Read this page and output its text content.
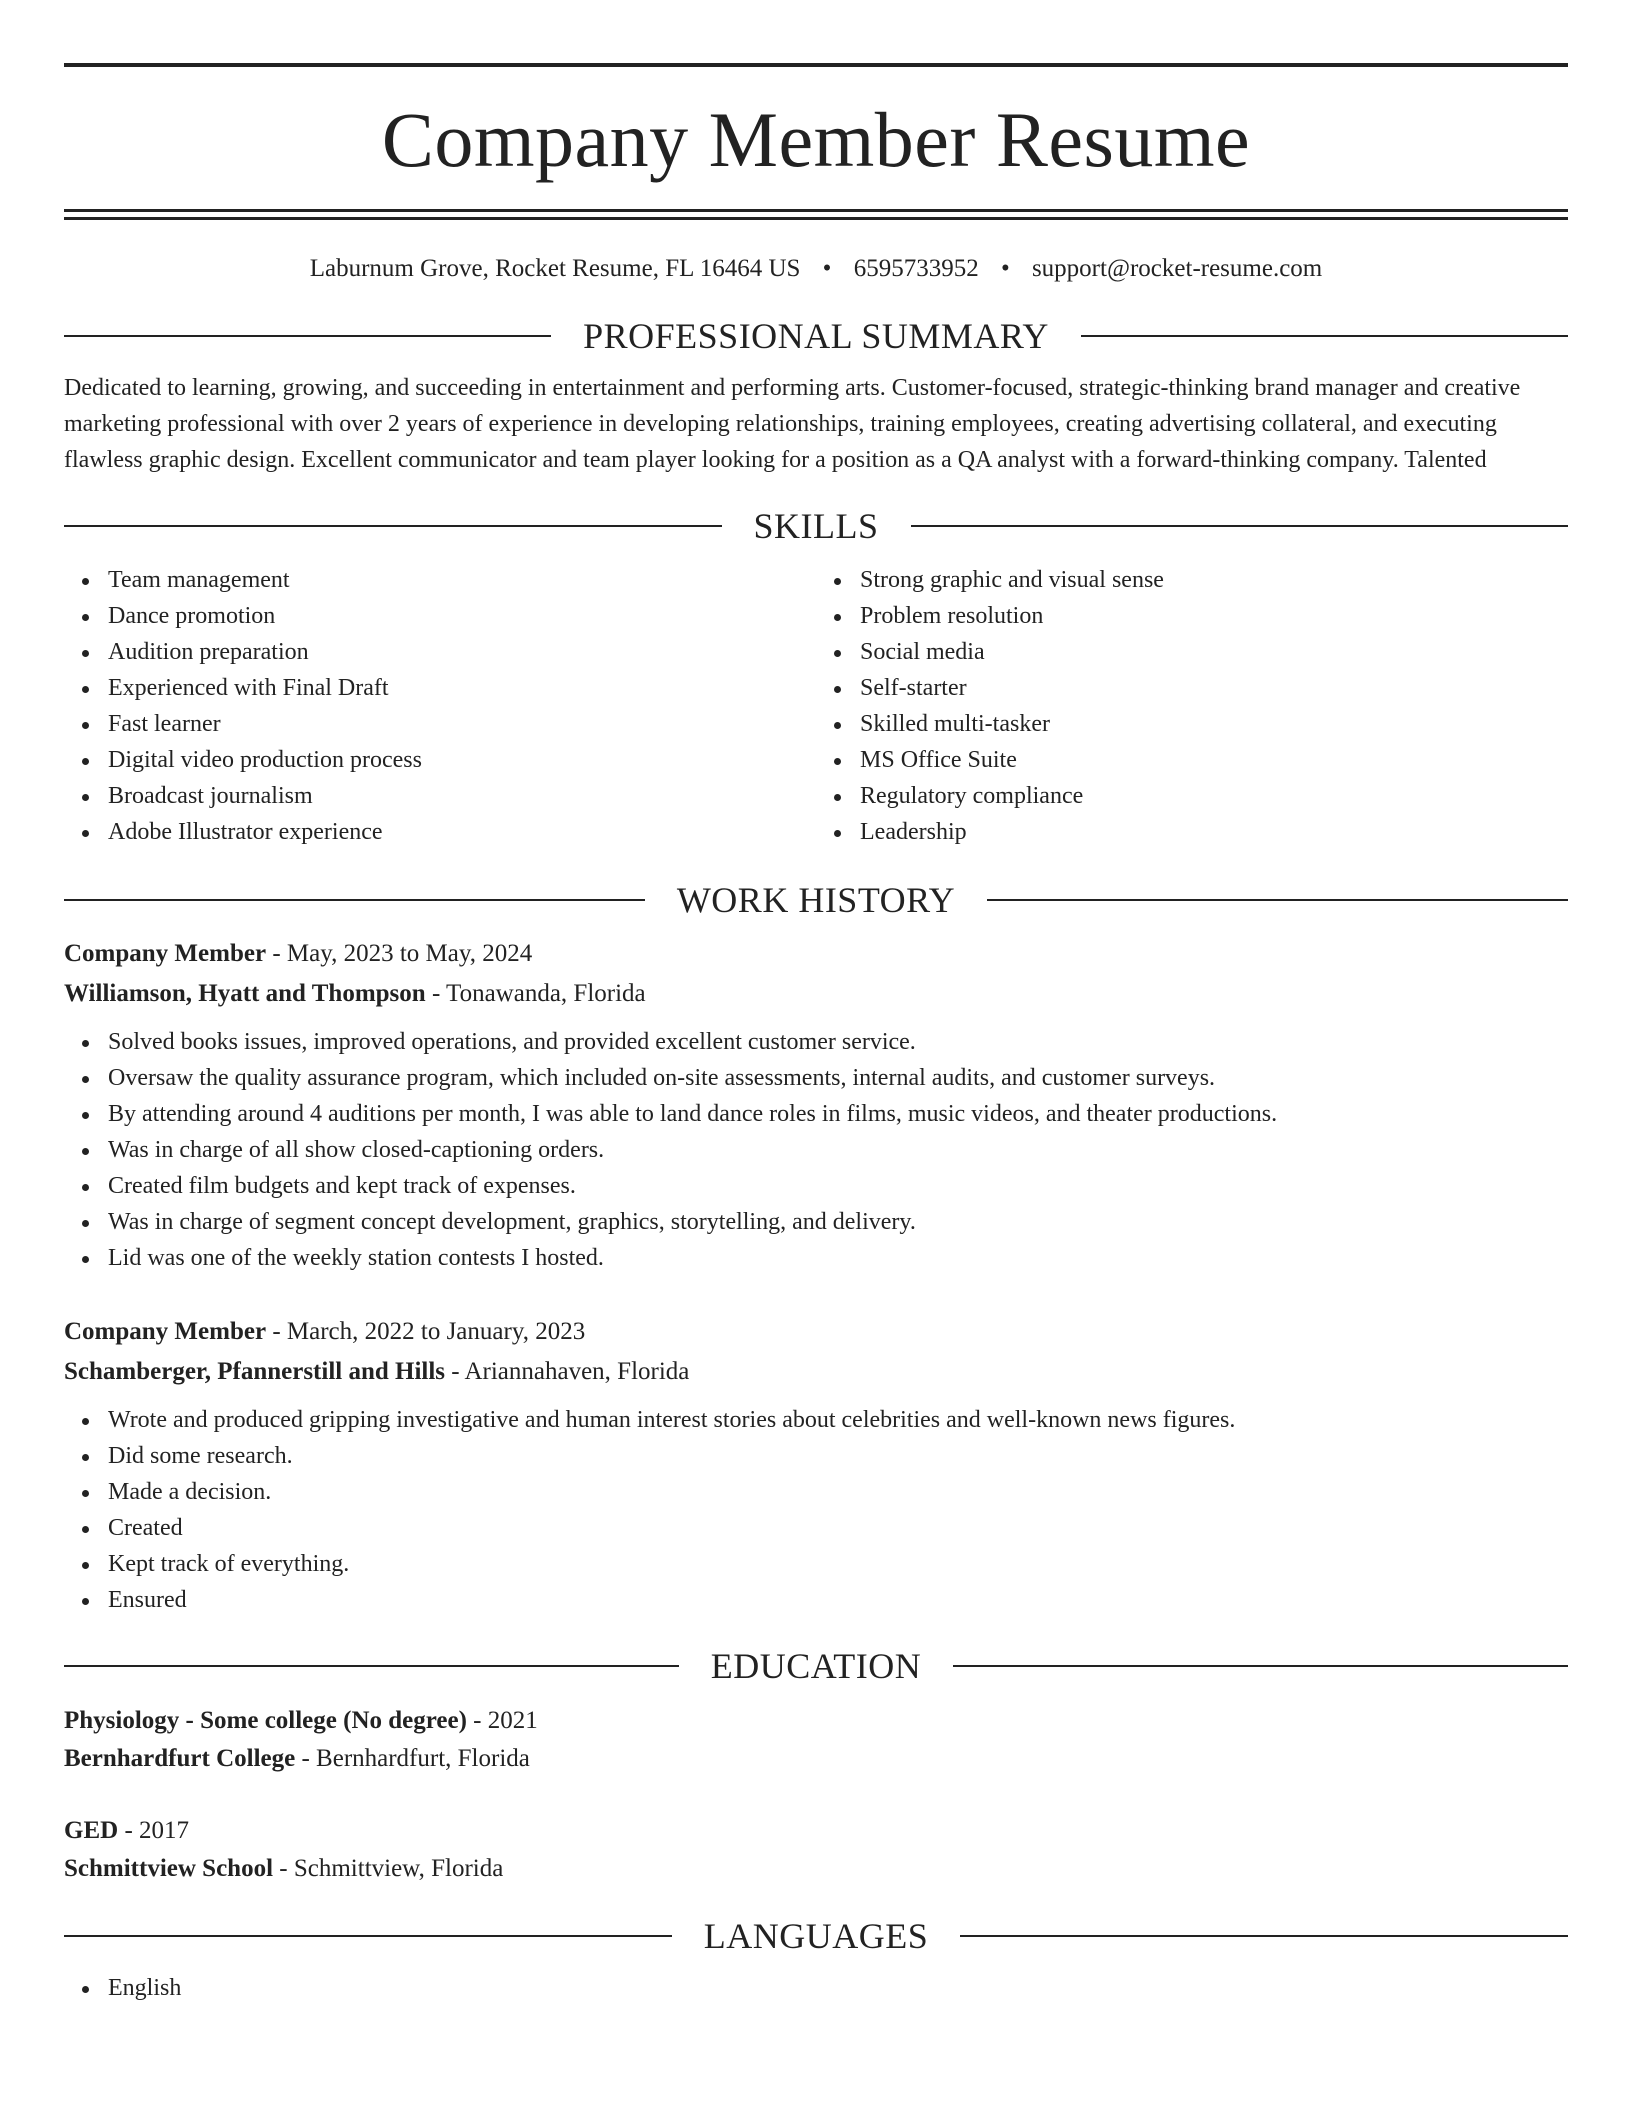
Company Member Resume
Laburnum Grove, Rocket Resume, FL 16464 US • 6595733952 • support@rocket-resume.com
PROFESSIONAL SUMMARY
Dedicated to learning, growing, and succeeding in entertainment and performing arts. Customer-focused, strategic-thinking brand manager and creative marketing professional with over 2 years of experience in developing relationships, training employees, creating advertising collateral, and executing flawless graphic design. Excellent communicator and team player looking for a position as a QA analyst with a forward-thinking company. Talented
SKILLS
Team management
Dance promotion
Audition preparation
Experienced with Final Draft
Fast learner
Digital video production process
Broadcast journalism
Adobe Illustrator experience
Strong graphic and visual sense
Problem resolution
Social media
Self-starter
Skilled multi-tasker
MS Office Suite
Regulatory compliance
Leadership
WORK HISTORY
Company Member - May, 2023 to May, 2024
Williamson, Hyatt and Thompson - Tonawanda, Florida
Solved books issues, improved operations, and provided excellent customer service.
Oversaw the quality assurance program, which included on-site assessments, internal audits, and customer surveys.
By attending around 4 auditions per month, I was able to land dance roles in films, music videos, and theater productions.
Was in charge of all show closed-captioning orders.
Created film budgets and kept track of expenses.
Was in charge of segment concept development, graphics, storytelling, and delivery.
Lid was one of the weekly station contests I hosted.
Company Member - March, 2022 to January, 2023
Schamberger, Pfannerstill and Hills - Ariannahaven, Florida
Wrote and produced gripping investigative and human interest stories about celebrities and well-known news figures.
Did some research.
Made a decision.
Created
Kept track of everything.
Ensured
EDUCATION
Physiology - Some college (No degree) - 2021
Bernhardfurt College - Bernhardfurt, Florida
GED - 2017
Schmittview School - Schmittview, Florida
LANGUAGES
English
